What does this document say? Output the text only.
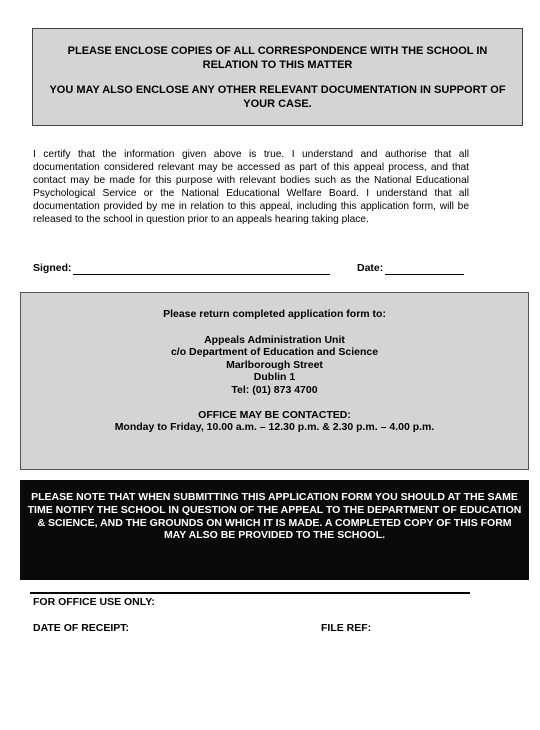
PLEASE ENCLOSE COPIES OF ALL CORRESPONDENCE WITH THE SCHOOL IN RELATION TO THIS MATTER

YOU MAY ALSO ENCLOSE ANY OTHER RELEVANT DOCUMENTATION IN SUPPORT OF YOUR CASE.

I certify that the information given above is true. I understand and authorise that all documentation considered relevant may be accessed as part of this appeal process, and that contact may be made for this purpose with relevant bodies such as the National Educational Psychological Service or the National Educational Welfare Board. I understand that all documentation provided by me in relation to this appeal, including this application form, will be released to the school in question prior to an appeals hearing taking place.

Signed:	Date:
Please return completed application form to:
Appeals Administration Unit
c/o Department of Education and Science
Marlborough Street
Dublin 1
Tel: (01) 873 4700
OFFICE MAY BE CONTACTED:
Monday to Friday, 10.00 a.m. – 12.30 p.m. & 2.30 p.m. – 4.00 p.m.
PLEASE NOTE THAT WHEN SUBMITTING THIS APPLICATION FORM YOU SHOULD AT THE SAME TIME NOTIFY THE SCHOOL IN QUESTION OF THE APPEAL TO THE DEPARTMENT OF EDUCATION & SCIENCE, AND THE GROUNDS ON WHICH IT IS MADE. A COMPLETED COPY OF THIS FORM MAY ALSO BE PROVIDED TO THE SCHOOL.
FOR OFFICE USE ONLY:
DATE OF RECEIPT:	FILE REF:
